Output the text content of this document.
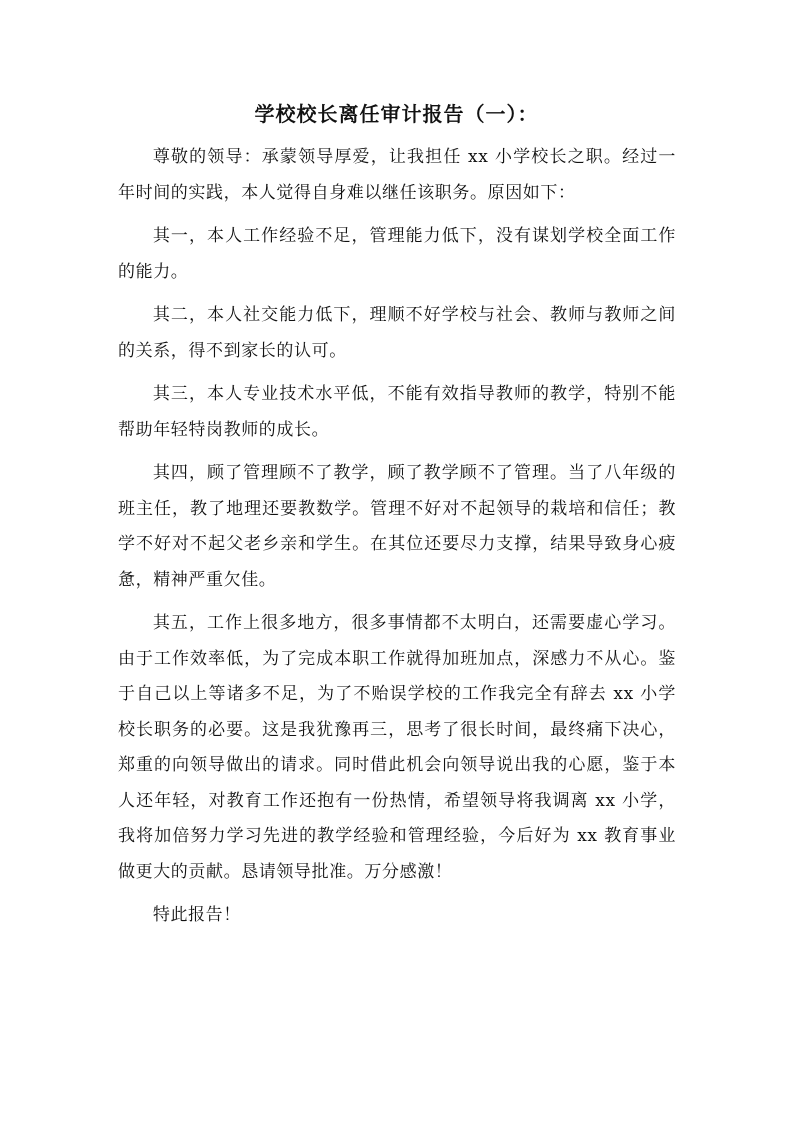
学校校长离任审计报告（一）：

尊敬的领导：承蒙领导厚爱，让我担任 xx 小学校长之职。经过一年时间的实践，本人觉得自身难以继任该职务。原因如下：

其一，本人工作经验不足，管理能力低下，没有谋划学校全面工作的能力。

其二，本人社交能力低下，理顺不好学校与社会、教师与教师之间的关系，得不到家长的认可。

其三，本人专业技术水平低，不能有效指导教师的教学，特别不能帮助年轻特岗教师的成长。

其四，顾了管理顾不了教学，顾了教学顾不了管理。当了八年级的班主任，教了地理还要教数学。管理不好对不起领导的栽培和信任；教学不好对不起父老乡亲和学生。在其位还要尽力支撑，结果导致身心疲惫，精神严重欠佳。

其五，工作上很多地方，很多事情都不太明白，还需要虚心学习。由于工作效率低，为了完成本职工作就得加班加点，深感力不从心。鉴于自己以上等诸多不足，为了不贻误学校的工作我完全有辞去 xx 小学校长职务的必要。这是我犹豫再三，思考了很长时间，最终痛下决心，郑重的向领导做出的请求。同时借此机会向领导说出我的心愿，鉴于本人还年轻，对教育工作还抱有一份热情，希望领导将我调离 xx 小学，我将加倍努力学习先进的教学经验和管理经验，今后好为 xx 教育事业做更大的贡献。恳请领导批准。万分感激！

特此报告！
